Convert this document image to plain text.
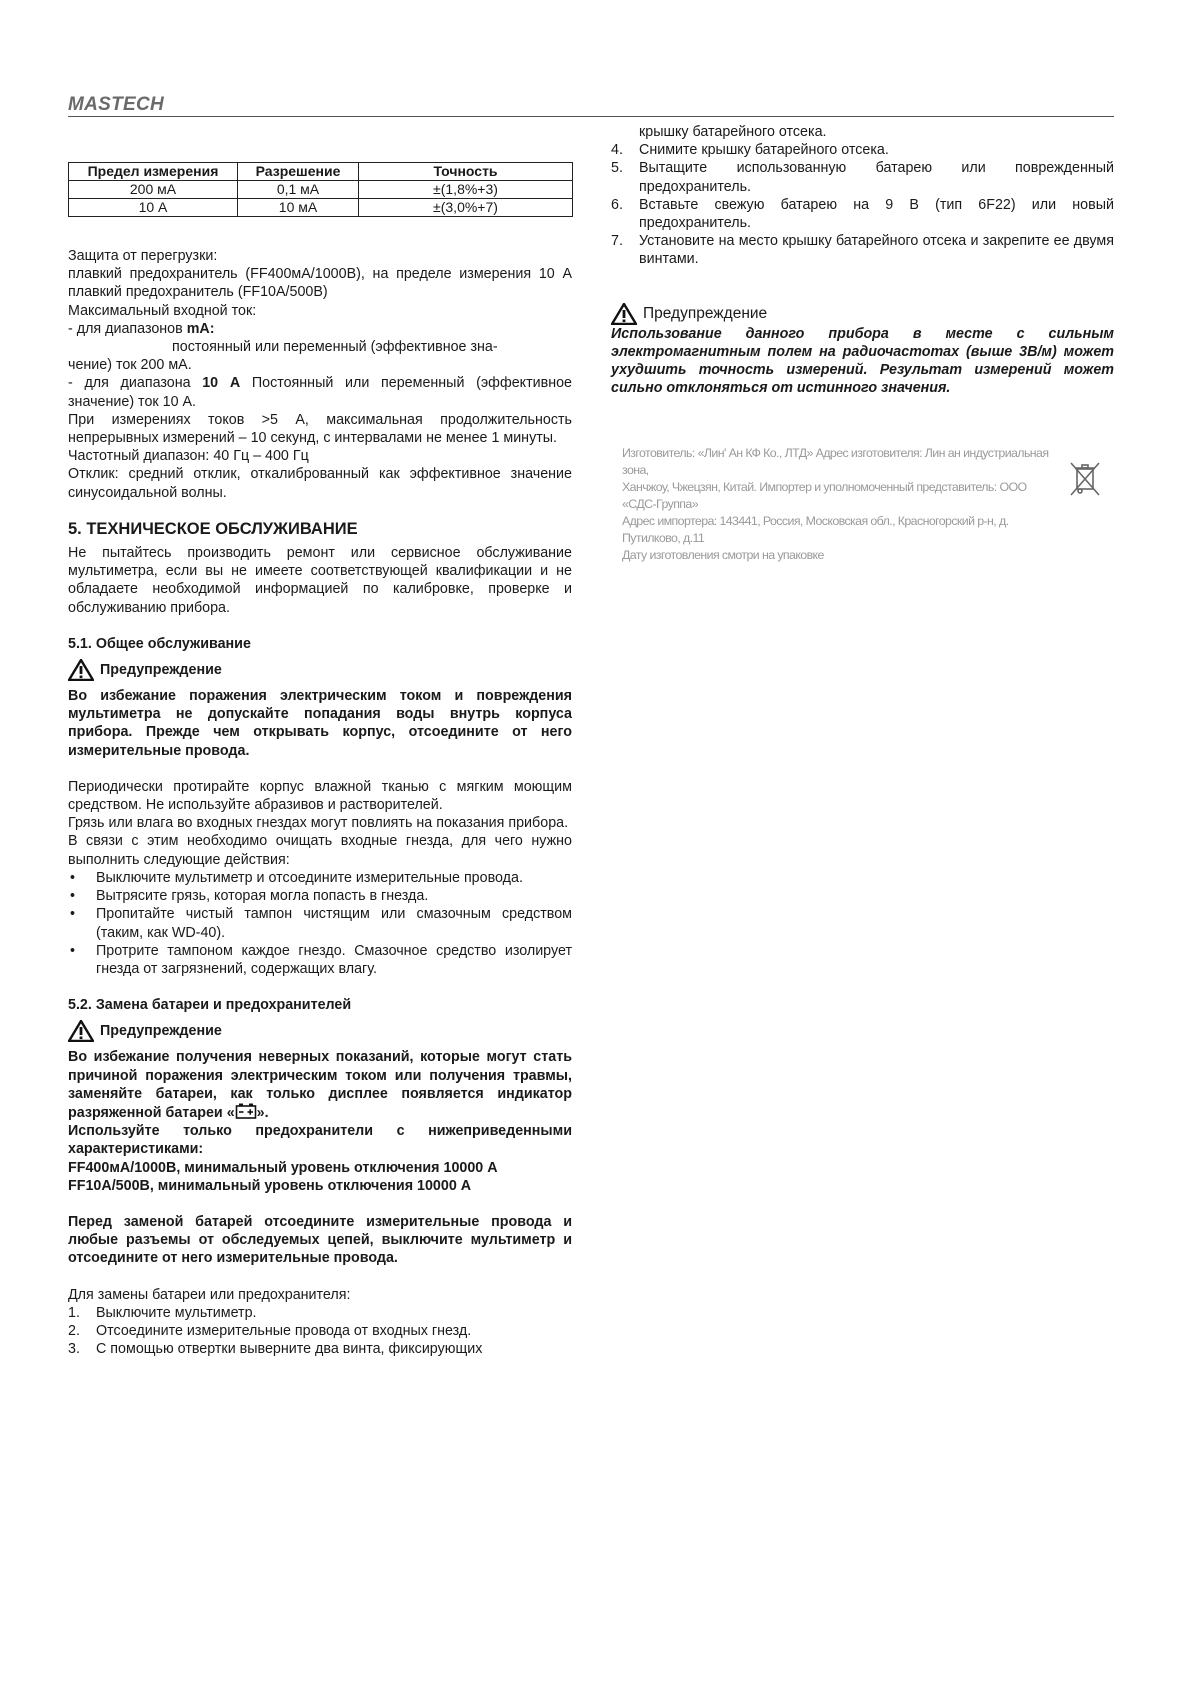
MASTECH
Предел измерения	Разрешение	Точность
200 мА	0,1 мА	±(1,8%+3)
10 А	10 мА	±(3,0%+7)

Защита от перегрузки:

плавкий предохранитель (FF400мА/1000В), на пределе измерения 10 А плавкий предохранитель (FF10А/500В)

Максимальный входной ток:

- для диапазонов mA:

постоянный или переменный (эффективное зна-

чение) ток 200 мА.

- для диапазона 10 А Постоянный или переменный (эффективное значение) ток 10 А.

При измерениях токов >5 А, максимальная продолжительность непрерывных измерений – 10 секунд, с интервалами не менее 1 минуты.

Частотный диапазон: 40 Гц – 400 Гц

Отклик: средний отклик, откалиброванный как эффективное значение синусоидальной волны.

5. ТЕХНИЧЕСКОЕ ОБСЛУЖИВАНИЕ

Не пытайтесь производить ремонт или сервисное обслуживание мультиметра, если вы не имеете соответствующей квалификации и не обладаете необходимой информацией по калибровке, проверке и обслуживанию прибора.

5.1. Общее обслуживание
Предупреждение

Во избежание поражения электрическим током и повреждения мультиметра не допускайте попадания воды внутрь корпуса прибора. Прежде чем открывать корпус, отсоедините от него измерительные провода.

Периодически протирайте корпус влажной тканью с мягким моющим средством. Не используйте абразивов и растворителей.

Грязь или влага во входных гнездах могут повлиять на показания прибора.

В связи с этим необходимо очищать входные гнезда, для чего нужно выполнить следующие действия:

• Выключите мультиметр и отсоедините измерительные провода.
• Вытрясите грязь, которая могла попасть в гнезда.
• Пропитайте чистый тампон чистящим или смазочным средством (таким, как WD-40).
• Протрите тампоном каждое гнездо. Смазочное средство изолирует гнезда от загрязнений, содержащих влагу.
5.2. Замена батареи и предохранителей
Предупреждение

Во избежание получения неверных показаний, которые могут стать причиной поражения электрическим током или получения травмы, заменяйте батареи, как только дисплее появляется индикатор разряженной батареи « ».

Используйте только предохранители с нижеприведенными характеристиками:

FF400мА/1000В, минимальный уровень отключения 10000 А

FF10А/500В, минимальный уровень отключения 10000 А

Перед заменой батарей отсоедините измерительные провода и любые разъемы от обследуемых цепей, выключите мультиметр и отсоедините от него измерительные провода.

Для замены батареи или предохранителя:

1. Выключите мультиметр.
2. Отсоедините измерительные провода от входных гнезд.
3. С помощью отвертки выверните два винта, фиксирующих

крышку батарейного отсека.

4. Снимите крышку батарейного отсека.
5. Вытащите использованную батарею или поврежденный предохранитель.
6. Вставьте свежую батарею на 9 В (тип 6F22) или новый предохранитель.
7. Установите на место крышку батарейного отсека и закрепите ее двумя винтами.
Предупреждение

Использование данного прибора в месте с сильным электромагнитным полем на радиочастотах (выше 3В/м) может ухудшить точность измерений. Результат измерений может сильно отклоняться от истинного значения.

Изготовитель: «Лин' Ан КФ Ко., ЛТД» Адрес изготовителя: Лин ан индустриальная зона,
Ханчжоу, Чжецзян, Китай. Импортер и уполномоченный представитель: ООО «СДС-Группа»
Адрес импортера: 143441, Россия, Московская обл., Красногорский р-н, д. Путилково, д.11
Дату изготовления смотри на упаковке
